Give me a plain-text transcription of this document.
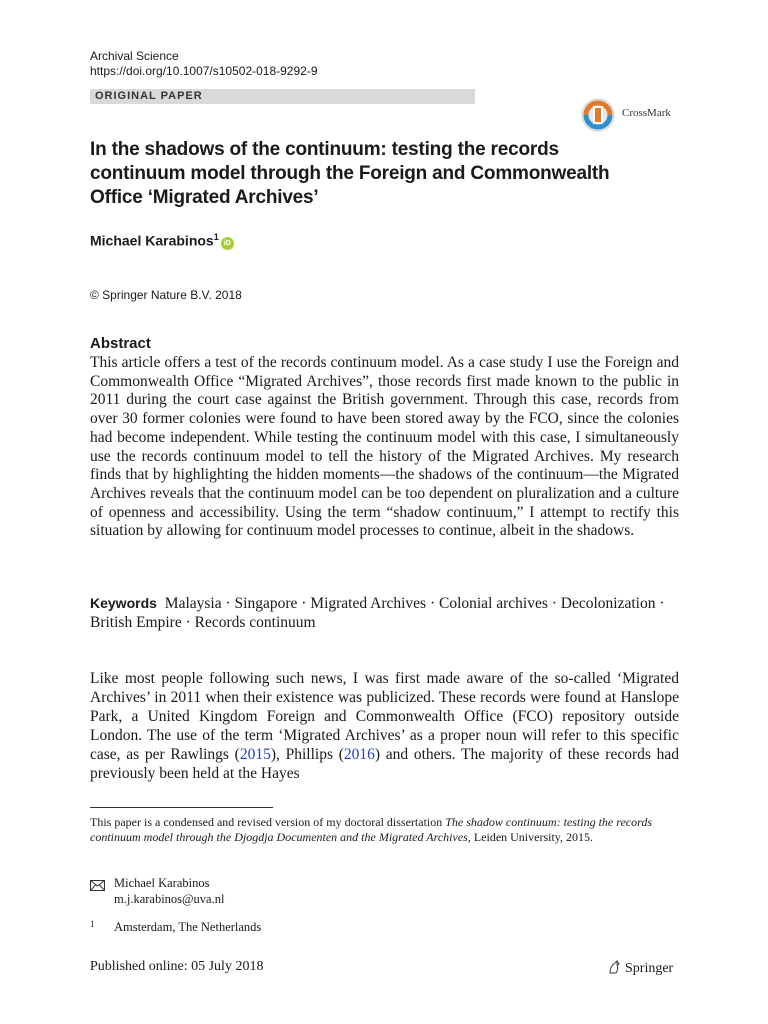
Archival Science
https://doi.org/10.1007/s10502-018-9292-9
ORIGINAL PAPER
CrossMark
In the shadows of the continuum: testing the records continuum model through the Foreign and Commonwealth Office ‘Migrated Archives’
Michael Karabinos$^1$iD
© Springer Nature B.V. 2018
Abstract
This article offers a test of the records continuum model. As a case study I use the Foreign and Commonwealth Office “Migrated Archives”, those records first made known to the public in 2011 during the court case against the British government. Through this case, records from over 30 former colonies were found to have been stored away by the FCO, since the colonies had become independent. While testing the continuum model with this case, I simultaneously use the records continuum model to tell the history of the Migrated Archives. My research finds that by highlighting the hidden moments—the shadows of the continuum—the Migrated Archives reveals that the continuum model can be too dependent on pluralization and a culture of openness and accessibility. Using the term “shadow continuum,” I attempt to rectify this situation by allowing for continuum model processes to continue, albeit in the shadows.
Keywords Malaysia · Singapore · Migrated Archives · Colonial archives · Decolonization · British Empire · Records continuum
Like most people following such news, I was first made aware of the so-called ‘Migrated Archives’ in 2011 when their existence was publicized. These records were found at Hanslope Park, a United Kingdom Foreign and Commonwealth Office (FCO) repository outside London. The use of the term ‘Migrated Archives’ as a proper noun will refer to this specific case, as per Rawlings (2015), Phillips (2016) and others. The majority of these records had previously been held at the Hayes
This paper is a condensed and revised version of my doctoral dissertation The shadow continuum: testing the records continuum model through the Djogdja Documenten and the Migrated Archives, Leiden University, 2015.
Michael Karabinos
m.j.karabinos@uva.nl
1 Amsterdam, The Netherlands
Published online: 05 July 2018	Springer
